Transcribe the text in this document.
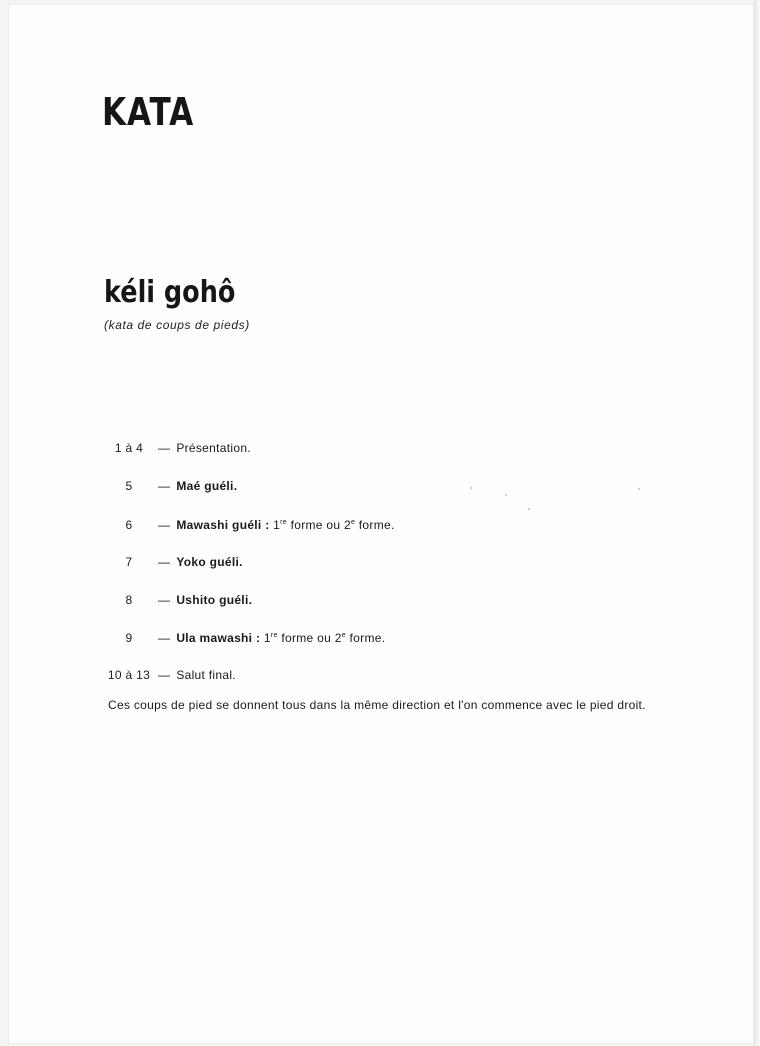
KATA
kéli gohô

(kata de coups de pieds)

1 à 4 — Présentation.
5 — Maé guéli.
6 — Mawashi guéli : 1re forme ou 2e forme.
7 — Yoko guéli.
8 — Ushito guéli.
9 — Ula mawashi : 1re forme ou 2e forme.
10 à 13 — Salut final.

Ces coups de pied se donnent tous dans la même direction et l'on commence avec le pied droit.
